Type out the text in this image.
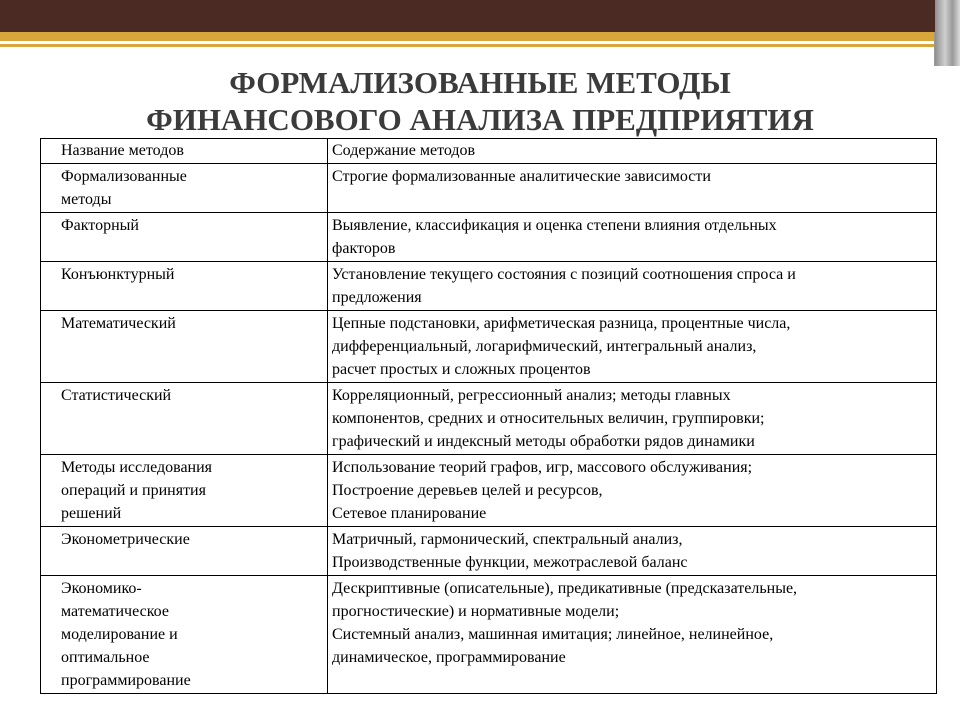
ФОРМАЛИЗОВАННЫЕ МЕТОДЫ
ФИНАНСОВОГО АНАЛИЗА ПРЕДПРИЯТИЯ
Название методов	Содержание методов

Формализованные
методы	Строгие формализованные аналитические зависимости

Факторный	Выявление, классификация и оценка степени влияния отдельных
факторов

Конъюнктурный	Установление текущего состояния с позиций соотношения спроса и
предложения

Математический	Цепные подстановки, арифметическая разница, процентные числа,
дифференциальный, логарифмический, интегральный анализ,
расчет простых и сложных процентов

Статистический	Корреляционный, регрессионный анализ; методы главных
компонентов, средних и относительных величин, группировки;
графический и индексный методы обработки рядов динамики

Методы исследования
операций и принятия
решений	Использование теорий графов, игр, массового обслуживания;
Построение деревьев целей и ресурсов,
Сетевое планирование

Эконометрические	Матричный, гармонический, спектральный анализ,
Производственные функции, межотраслевой баланс

Экономико-
математическое
моделирование и
оптимальное
программирование	Дескриптивные (описательные), предикативные (предсказательные,
прогностические) и нормативные модели;
Системный анализ, машинная имитация; линейное, нелинейное,
динамическое, программирование
